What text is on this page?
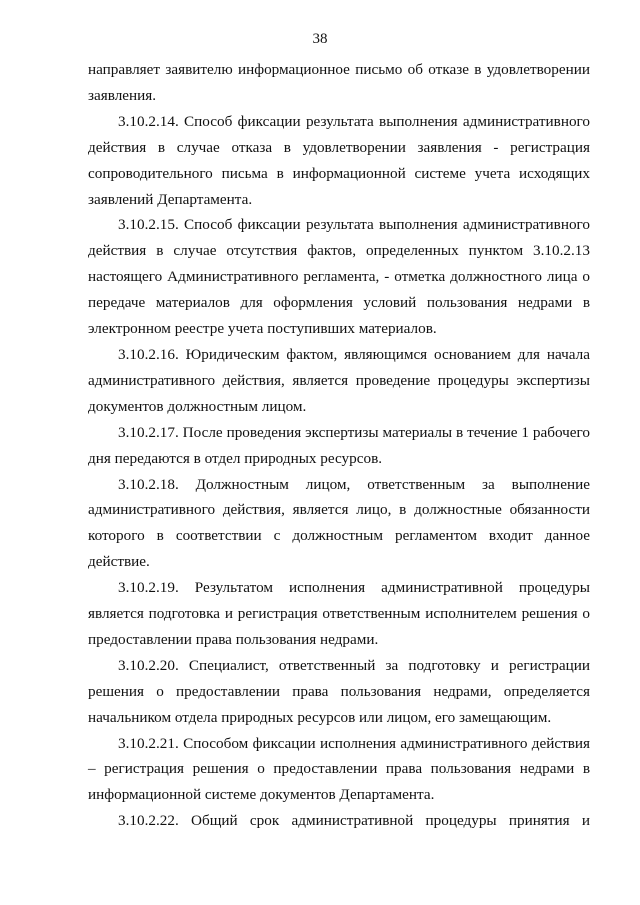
38

направляет заявителю информационное письмо об отказе в удовлетворении заявления.

3.10.2.14. Способ фиксации результата выполнения административного действия в случае отказа в удовлетворении заявления - регистрация сопроводительного письма в информационной системе учета исходящих заявлений Департамента.

3.10.2.15. Способ фиксации результата выполнения административного действия в случае отсутствия фактов, определенных пунктом 3.10.2.13 настоящего Административного регламента, - отметка должностного лица о передаче материалов для оформления условий пользования недрами в электронном реестре учета поступивших материалов.

3.10.2.16. Юридическим фактом, являющимся основанием для начала административного действия, является проведение процедуры экспертизы документов должностным лицом.

3.10.2.17. После проведения экспертизы материалы в течение 1 рабочего дня передаются в отдел природных ресурсов.

3.10.2.18. Должностным лицом, ответственным за выполнение административного действия, является лицо, в должностные обязанности которого в соответствии с должностным регламентом входит данное действие.

3.10.2.19. Результатом исполнения административной процедуры является подготовка и регистрация ответственным исполнителем решения о предоставлении права пользования недрами.

3.10.2.20. Специалист, ответственный за подготовку и регистрации решения о предоставлении права пользования недрами, определяется начальником отдела природных ресурсов или лицом, его замещающим.

3.10.2.21. Способом фиксации исполнения административного действия – регистрация решения о предоставлении права пользования недрами в информационной системе документов Департамента.

3.10.2.22. Общий срок административной процедуры принятия и
